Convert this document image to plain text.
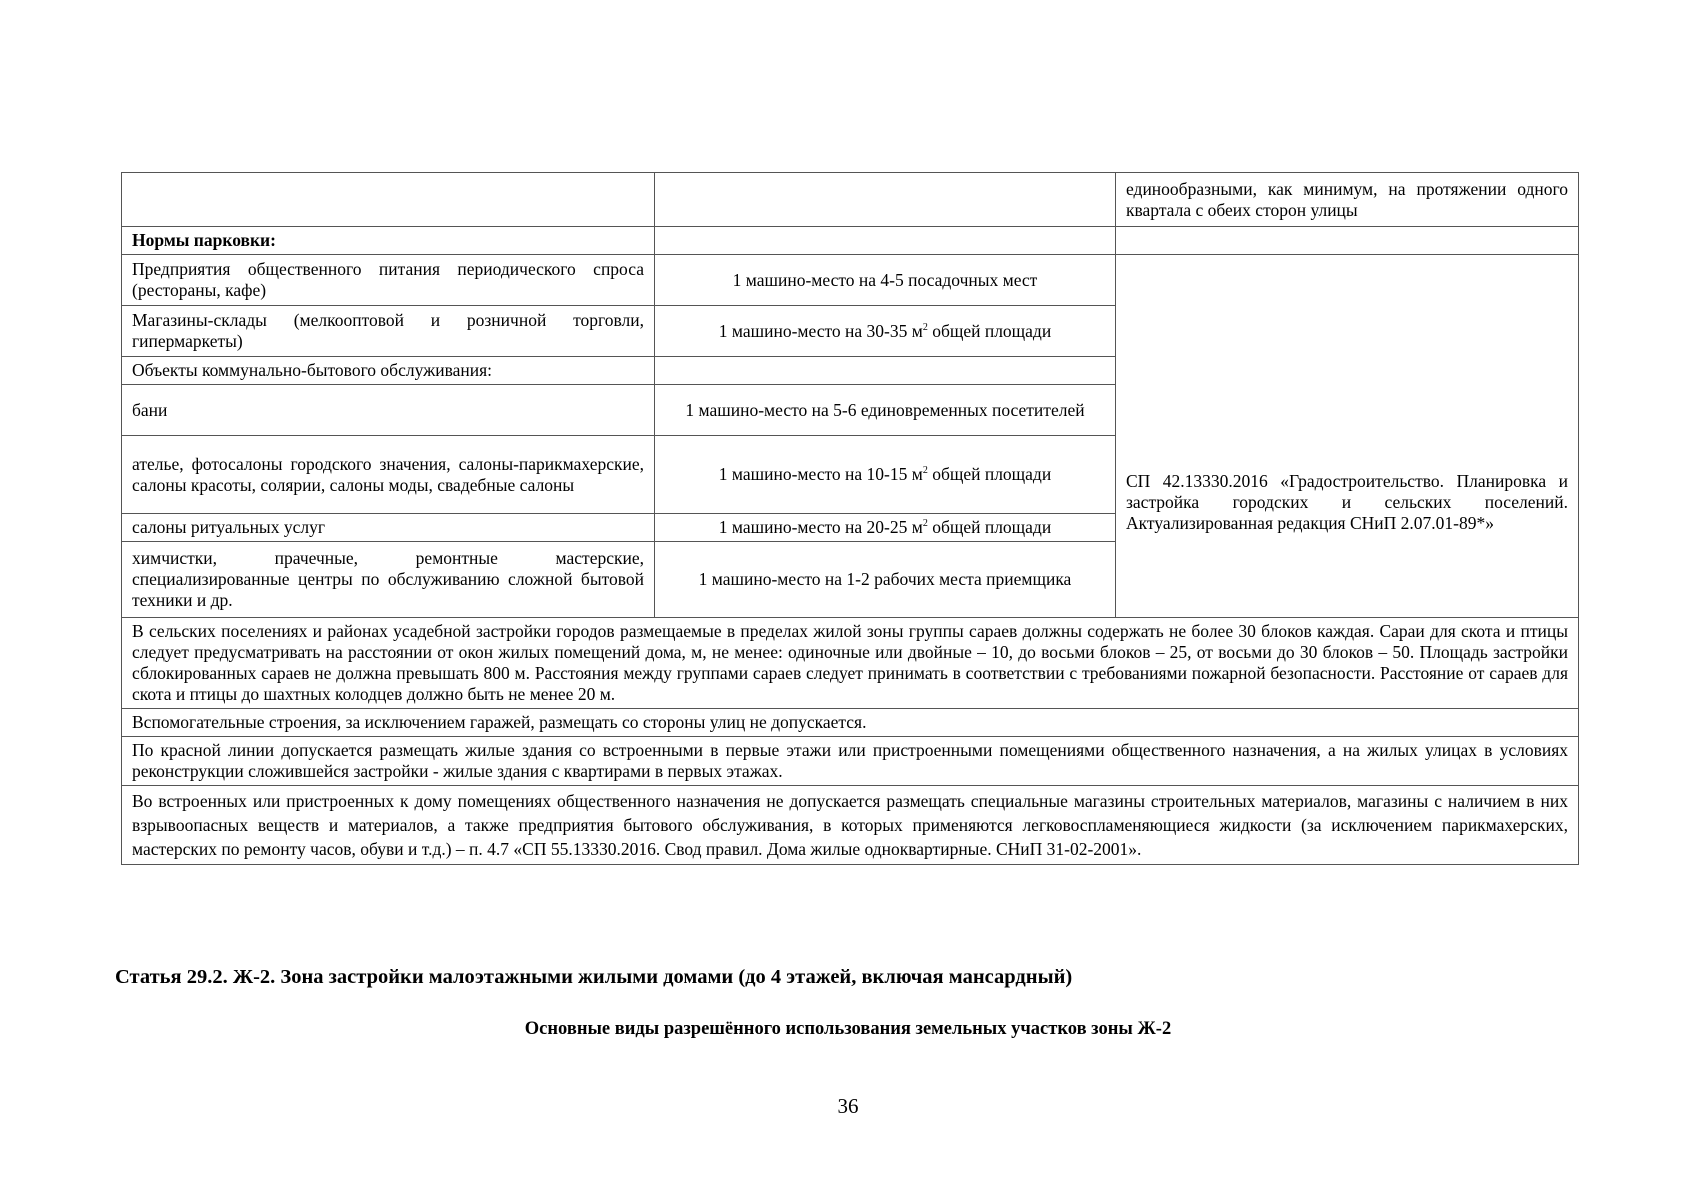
		единообразными, как минимум, на протяжении одного квартала с обеих сторон улицы
Нормы парковки:		
Предприятия общественного питания периодического спроса (рестораны, кафе)	1 машино-место на 4-5 посадочных мест	СП 42.13330.2016 «Градостроительство. Планировка и застройка городских и сельских поселений. Актуализированная редакция СНиП 2.07.01-89*»
Магазины-склады (мелкооптовой и розничной торговли, гипермаркеты)	1 машино-место на 30-35 $м^2$ общей площади	
Объекты коммунально-бытового обслуживания:		
бани	1 машино-место на 5-6 единовременных посетителей	
ателье, фотосалоны городского значения, салоны-парикмахерские, салоны красоты, солярии, салоны моды, свадебные салоны	1 машино-место на 10-15 $м^2$ общей площади	
салоны ритуальных услуг	1 машино-место на 20-25 $м^2$ общей площади	
химчистки, прачечные, ремонтные мастерские, специализированные центры по обслуживанию сложной бытовой техники и др.	1 машино-место на 1-2 рабочих места приемщика	
В сельских поселениях и районах усадебной застройки городов размещаемые в пределах жилой зоны группы сараев должны содержать не более 30 блоков каждая. Сараи для скота и птицы следует предусматривать на расстоянии от окон жилых помещений дома, м, не менее: одиночные или двойные – 10, до восьми блоков – 25, от восьми до 30 блоков – 50. Площадь застройки сблокированных сараев не должна превышать 800 м. Расстояния между группами сараев следует принимать в соответствии с требованиями пожарной безопасности. Расстояние от сараев для скота и птицы до шахтных колодцев должно быть не менее 20 м.		
Вспомогательные строения, за исключением гаражей, размещать со стороны улиц не допускается.		
По красной линии допускается размещать жилые здания со встроенными в первые этажи или пристроенными помещениями общественного назначения, а на жилых улицах в условиях реконструкции сложившейся застройки - жилые здания с квартирами в первых этажах.		
Во встроенных или пристроенных к дому помещениях общественного назначения не допускается размещать специальные магазины строительных материалов, магазины с наличием в них взрывоопасных веществ и материалов, а также предприятия бытового обслуживания, в которых применяются легковоспламеняющиеся жидкости (за исключением парикмахерских, мастерских по ремонту часов, обуви и т.д.) – п. 4.7 «СП 55.13330.2016. Свод правил. Дома жилые одноквартирные. СНиП 31-02-2001».		
Статья 29.2. Ж-2. Зона застройки малоэтажными жилыми домами (до 4 этажей, включая мансардный)
Основные виды разрешённого использования земельных участков зоны Ж-2
36
